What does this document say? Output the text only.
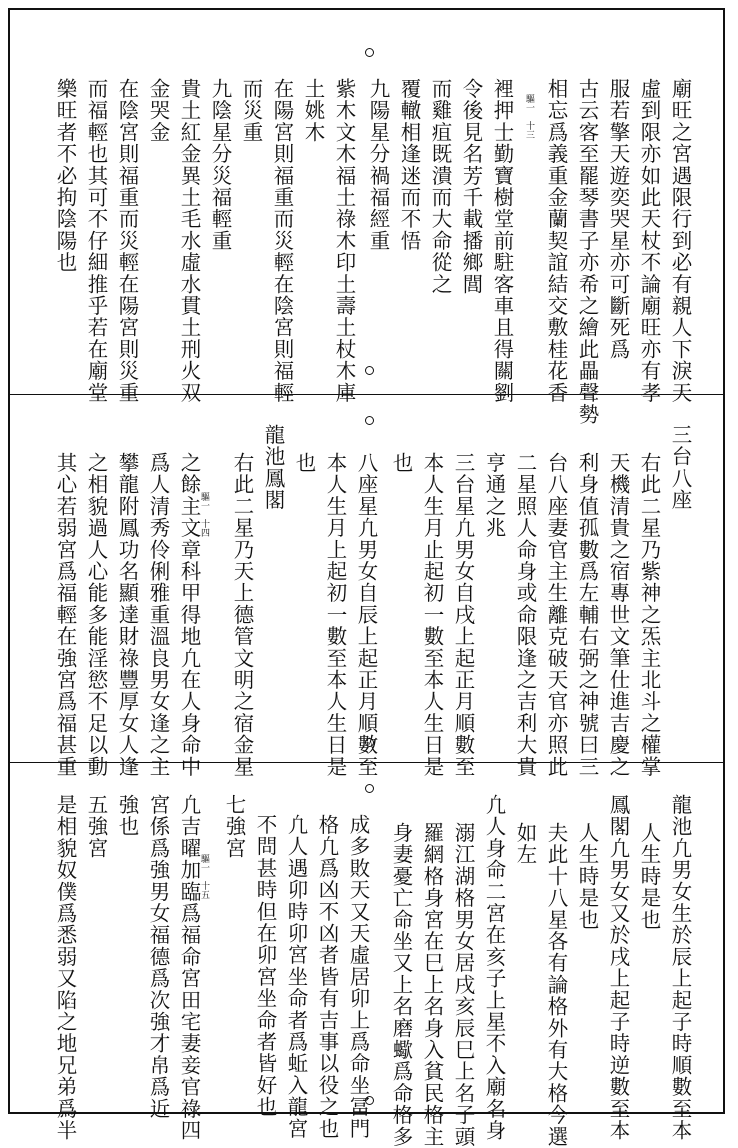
驅一　十三	廟旺之宮遇限行到必有親人下淚天
虛到限亦如此天杖不論廟旺亦有孝
服若擎天遊奕哭星亦可斷死爲
古云客至罷琴書子亦希之繪此畾聲勢
相忘爲義重金蘭契誼結交敷桂花香
裡押士勤寶樹堂前駐客車且得關劉
令後見名芳千載播鄉閭
而雞疽既潰而大命從之
覆轍相逢迷而不悟
九陽星分禍福經重
紫木文木福土祿木印土壽土杖木庫
土姚木
在陽宮則福重而災輕在陰宮則福輕
而災重
九陰星分災福輕重
貴土紅金異土毛水虛水貫土刑火双
金哭金
在陰宮則福重而災輕在陽宮則災重
而福輕也其可不仔細推乎若在廟堂
樂旺者不必拘陰陽也
驅一　十四
三台八座
右此二星乃紫神之炁主北斗之權掌
天機清貴之宿專世文筆仕進吉慶之
利身值孤數爲左輔右弼之神號曰三
台八座妻官主生離克破天官亦照此
二星照人命身或命限逢之吉利大貴
亨通之兆
三台星凢男女自戌上起正月順數至
本人生月止起初一數至本人生日是
也
八座星凢男女自辰上起正月順數至
本人生月上起初一數至本人生日是
也
龍池鳳閣
右此二星乃天上德管文明之宿金星
之餘主文章科甲得地凢在人身命中
爲人清秀伶俐雅重溫良男女逢之主
攀龍附鳳功名顯達財祿豐厚女人逢
之相貌過人心能多能淫慾不足以動
其心若弱宮爲福輕在強宮爲福甚重
驅一　十五	龍池凢男女生於辰上起子時順數至本
人生時是也
鳳閣凢男女又於戌上起子時逆數至本
人生時是也
夫此十八星各有論格外有大格今選
如左
凢人身命二宮在亥子上星不入廟名身
溺江湖格男女居戌亥辰巳上名子頭
羅網格身宮在巳上名身入貧民格主
身妻憂亡命坐又上名磨蠍爲命格多
成多敗天又天虛居卯上爲命坐冨門
格凢爲凶不凶者皆有吉事以役之也
凢人遇卯時卯宮坐命者爲蚯入龍宮
不問甚時但在卯宮坐命者皆好也
七強宮
凢吉曜加臨爲福命宮田宅妻妾官祿四
宮係爲強男女福德爲次強才帛爲近
強也
五強宮
是相貌奴僕爲悉弱又陷之地兄弟爲半
